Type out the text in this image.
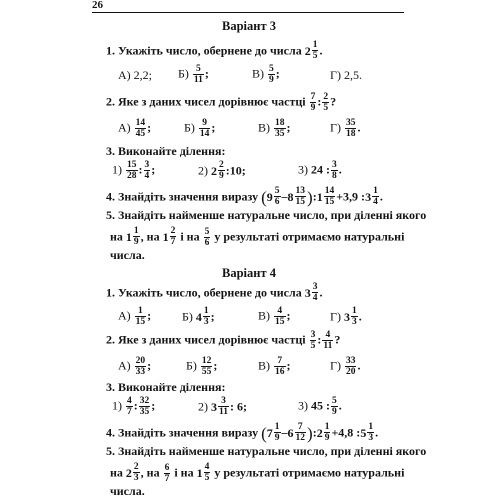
26
Варіант 3
1. Укажіть число, обернене до числа 2 1
5 .
А) 2,2; $Б) \frac{5}{11}$ ;	$В) \frac{5}{9}$ ;	Г) 2,5.
2. Яке з даних чисел дорівнює частці $\frac{7}{9}$ : $\frac{2}{5}$ ?
$А) \frac{14}{45}$ ;	$Б) \frac{9}{14}$ ;	$В) \frac{18}{35}$ ;	$Г) \frac{35}{18}$ .
3. Виконайте ділення:
$1) \frac{15}{28}$ : $\frac{3}{4}$ ;	2) 2 2
9 :10;	3) 24 : $\frac{3}{8}$ .
4. Знайдіть значення виразу ( 9 5
6 – 8 13
15 ): 1 14
15 +3,9 : 3 1
4 .
5. Знайдіть найменше натуральне число, при діленні якого
на 1 1
9 , на 1 2
7 і на $\frac{5}{6}$ у результаті отримаємо натуральні
числа.
Варіант 4
1. Укажіть число, обернене до числа 3 3
4 .
$А) \frac{1}{15}$ ;	Б) 4 1
3 ;	$В) \frac{4}{15}$ ;	Г) 3 1
3 .
2. Яке з даних чисел дорівнює частці $\frac{3}{5}$ : $\frac{4}{11}$ ?
$А) \frac{20}{33}$ ;	$Б) \frac{12}{55}$ ;	$В) \frac{7}{16}$ ;	$Г) \frac{33}{20}$ .
3. Виконайте ділення:
$1) \frac{4}{7}$ : $\frac{32}{35}$ ;	2) 3 3
11 : 6;	3) 45 : $\frac{5}{9}$ .
4. Знайдіть значення виразу ( 7 1
9 – 6 7
12 ): 2 1
9 +4,8 : 5 1
3 .
5. Знайдіть найменше натуральне число, при діленні якого
на 2 2
3 , на $\frac{6}{7}$ і на 1 4
5 у результаті отримаємо натуральні
числа.
